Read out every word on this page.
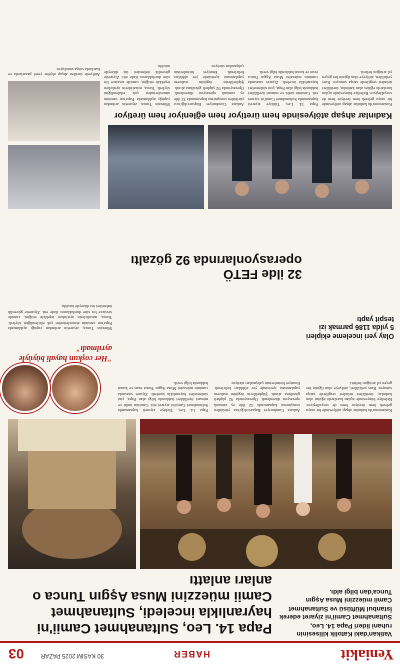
Yeniakit
HABER
30 KASIM 2025 PAZAR
03
Vatikan'daki Katolik kilisesinin ruhani lideri Papa 14. Leo, Sultanahmet Camii'ni ziyaret ederek İstanbul Müftüsü ve Sultanahmet Camii müezzini Musa Aşgın Tunca'dan bilgi aldı.
Papa 14. Leo, Sultanahmet Camii'ni hayranlıkla inceledi, Sultanahmet Camii müezzini Musa Aşgın Tunca o anları anlattı
"Her coşkun hayali büyüyle ayrılmadı"
Kastamonu'da kadınlar ahşap atölyesinde bir araya gelerek hem üretiyor hem de sosyalleşiyor. Belediye bünyesinde açılan kurslarda eğitim alan kadınlar, ürettikleri ürünleri sergilerde satışa sunuyor. Kurs yetkilileri, atölyeye olan ilginin her geçen yıl arttığını belirtti.
Ankara Cumhuriyet Başsavcılığı'nca yürütülen soruşturma kapsamında 32 ilde eş zamanlı operasyon düzenlendi. Operasyonda 92 şüpheli gözaltına alındı. Şüphelilerin örgütün mahrem yapılanması içerisinde yer aldıkları belirlendi. Emniyet birimlerinin çalışmaları sürüyor.
Papa 14. Leo, Türkiye ziyareti kapsamında Sultanahmet Camii'ni ziyaret etti. Caminin tarihi ve mimari özellikleri hakkında bilgi alan Papa, çini süslemeleri hayranlıkla inceledi. Ziyaret sırasında caminin müezzini Musa Aşgın Tunca ezan ve kıraat hakkında bilgi verdi.
Müezzin Tunca, ziyaretin ardından yaptığı açıklamada Papa'nın caminin atmosferinden çok etkilendiğini söyledi. Tunca, misafirlerin ayrılırken teşekkür ettiğini, camide sessizce bir süre durduklarını ifade etti. Ziyarette güvenlik önlemleri üst düzeyde tutuldu.
Olay yeri inceleme ekipleri 5 yılda 1186 parmak izi tespit yaptı
32 ilde FETÖ operasyonlarında 92 gözaltı
Kadınlar ahşap atölyesinde hem üretiyor hem eğleniyor hem üretiyor
Kastamonu'da kadınlar ahşap atölyesinde bir araya gelerek hem üretiyor hem de sosyalleşiyor. Belediye bünyesinde açılan kurslarda eğitim alan kadınlar, ürettikleri ürünleri sergilerde satışa sunuyor. Kurs yetkilileri, atölyeye olan ilginin her geçen yıl arttığını belirtti.
Papa 14. Leo, Türkiye ziyareti kapsamında Sultanahmet Camii'ni ziyaret etti. Caminin tarihi ve mimari özellikleri hakkında bilgi alan Papa, çini süslemeleri hayranlıkla inceledi. Ziyaret sırasında caminin müezzini Musa Aşgın Tunca ezan ve kıraat hakkında bilgi verdi.
Ankara Cumhuriyet Başsavcılığı'nca yürütülen soruşturma kapsamında 32 ilde eş zamanlı operasyon düzenlendi. Operasyonda 92 şüpheli gözaltına alındı. Şüphelilerin örgütün mahrem yapılanması içerisinde yer aldıkları belirlendi. Emniyet birimlerinin çalışmaları sürüyor.
Müezzin Tunca, ziyaretin ardından yaptığı açıklamada Papa'nın caminin atmosferinden çok etkilendiğini söyledi. Tunca, misafirlerin ayrılırken teşekkür ettiğini, camide sessizce bir süre durduklarını ifade etti. Ziyarette güvenlik önlemleri üst düzeyde tutuldu.
Atölyede üretilen ahşap objeler yerel pazarlarda ve fuarlarda satışa sunuluyor.
